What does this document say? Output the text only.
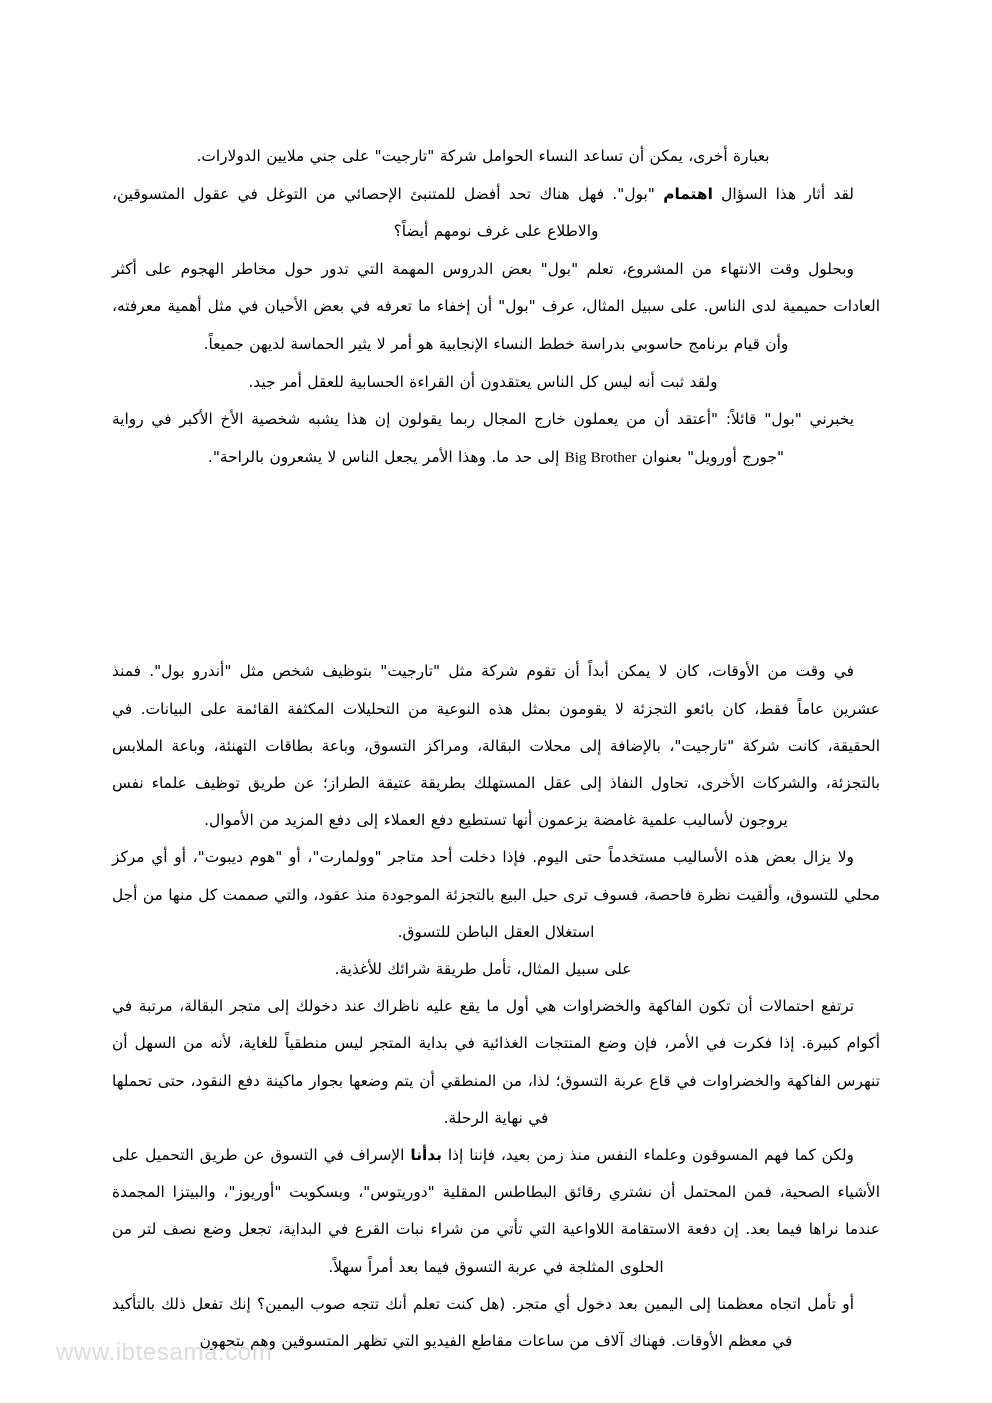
بعبارة أخرى، يمكن أن تساعد النساء الحوامل شركة "تارجيت" على جني ملايين الدولارات.

لقد أثار هذا السؤال اهتمام "بول". فهل هناك تحد أفضل للمتنبئ الإحصائي من التوغل في عقول المتسوقين، والاطلاع على غرف نومهم أيضاً؟

وبحلول وقت الانتهاء من المشروع، تعلم "بول" بعض الدروس المهمة التي تدور حول مخاطر الهجوم على أكثر العادات حميمية لدى الناس. على سبيل المثال، عرف "بول" أن إخفاء ما تعرفه في بعض الأحيان في مثل أهمية معرفته، وأن قيام برنامج حاسوبي بدراسة خطط النساء الإنجابية هو أمر لا يثير الحماسة لديهن جميعاً.

ولقد ثبت أنه ليس كل الناس يعتقدون أن القراءة الحسابية للعقل أمر جيد.

يخبرني "بول" قائلاً: "أعتقد أن من يعملون خارج المجال ربما يقولون إن هذا يشبه شخصية الأخ الأكبر في رواية "جورج أورويل" بعنوان Big Brother إلى حد ما. وهذا الأمر يجعل الناس لا يشعرون بالراحة".

في وقت من الأوقات، كان لا يمكن أبداً أن تقوم شركة مثل "تارجيت" بتوظيف شخص مثل "أندرو بول". فمنذ عشرين عاماً فقط، كان بائعو التجزئة لا يقومون بمثل هذه النوعية من التحليلات المكثفة القائمة على البيانات. في الحقيقة، كانت شركة "تارجيت"، بالإضافة إلى محلات البقالة، ومراكز التسوق، وباعة بطاقات التهنئة، وباعة الملابس بالتجزئة، والشركات الأخرى، تحاول النفاذ إلى عقل المستهلك بطريقة عتيقة الطراز؛ عن طريق توظيف علماء نفس يروجون لأساليب علمية غامضة يزعمون أنها تستطيع دفع العملاء إلى دفع المزيد من الأموال.

ولا يزال بعض هذه الأساليب مستخدماً حتى اليوم. فإذا دخلت أحد متاجر "وولمارت"، أو "هوم ديبوت"، أو أي مركز محلي للتسوق، وألقيت نظرة فاحصة، فسوف ترى حيل البيع بالتجزئة الموجودة منذ عقود، والتي صممت كل منها من أجل استغلال العقل الباطن للتسوق.

على سبيل المثال، تأمل طريقة شرائك للأغذية.

ترتفع احتمالات أن تكون الفاكهة والخضراوات هي أول ما يقع عليه ناظراك عند دخولك إلى متجر البقالة، مرتبة في أكوام كبيرة. إذا فكرت في الأمر، فإن وضع المنتجات الغذائية في بداية المتجر ليس منطقياً للغاية، لأنه من السهل أن تنهرس الفاكهة والخضراوات في قاع عربة التسوق؛ لذا، من المنطقي أن يتم وضعها بجوار ماكينة دفع النقود، حتى تحملها في نهاية الرحلة.

ولكن كما فهم المسوقون وعلماء النفس منذ زمن بعيد، فإننا إذا بدأنا الإسراف في التسوق عن طريق التحميل على الأشياء الصحية، فمن المحتمل أن نشتري رقائق البطاطس المقلية "دوريتوس"، وبسكويت "أوريوز"، والبيتزا المجمدة عندما نراها فيما بعد. إن دفعة الاستقامة اللاواعية التي تأتي من شراء نبات القرع في البداية، تجعل وضع نصف لتر من الحلوى المثلجة في عربة التسوق فيما بعد أمراً سهلاً.

أو تأمل اتجاه معظمنا إلى اليمين بعد دخول أي متجر. (هل كنت تعلم أنك تتجه صوب اليمين؟ إنك تفعل ذلك بالتأكيد في معظم الأوقات. فهناك آلاف من ساعات مقاطع الفيديو التي تظهر المتسوقين وهم يتجهون

www.ibtesama.com
